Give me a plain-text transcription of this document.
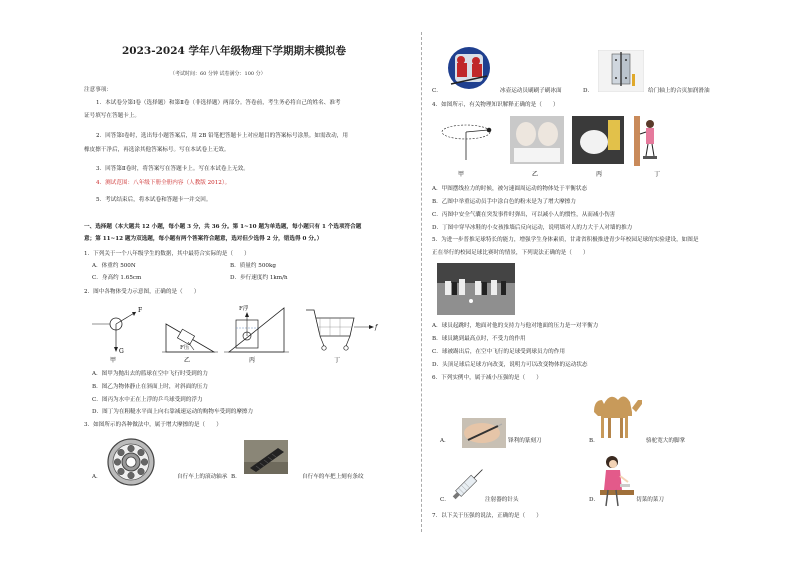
2023-2024 学年八年级物理下学期期末模拟卷
（考试时间：60 分钟 试卷满分：100 分）
注意事项：
1．本试卷分第Ⅰ卷（选择题）和第Ⅱ卷（非选择题）两部分。答卷前，考生务必将自己的姓名、准考
证号填写在答题卡上。
2．回答第Ⅰ卷时，选出每小题答案后，用 2B 铅笔把答题卡上对应题目的答案标号涂黑。如需改动，用
橡皮擦干净后，再选涂其他答案标号。写在本试卷上无效。
3．回答第Ⅱ卷时，将答案写在答题卡上。写在本试卷上无效。
4．测试范围：八年级下册全册内容（人教版 2012）。
5．考试结束后，将本试卷和答题卡一并交回。
一、选择题（本大题共 12 小题，每小题 3 分，共 36 分。第 1~10 题为单选题，每小题只有 1 个选项符合题
意；第 11~12 题为双选题，每小题有两个答案符合题意，选对但少选得 2 分，错选得 0 分。）
1．下列关于一个八年级学生的数据，其中最符合实际的是（　　）
A．体重约 500N	B．质量约 500kg
C．身高约 1.65cm	D．步行速度约 1km/h
2．图中各物体受力示意图，正确的是（　　）
F
G
甲
F压
乙
F浮
丙
f
丁
A．图甲为抛出去的篮球在空中飞行时受到的力
B．图乙为物体静止在斜面上时，对斜面的压力
C．图丙为水中正在上浮的乒乓球受到的浮力
D．图丁为在粗糙水平面上向右靠减速运动的购物车受到的摩擦力
3．如图所示的各种做法中，属于增大摩擦的是（　　）
A．	自行车上的滚动轴承 B．	自行车的车把上刻有条纹
C．	冰壶运动员刷刷子刷冰面	D．	给门轴上的合页加润滑油
4．如图所示，有关物理知识解释正确的是（　　）
甲	乙	丙	丁
A．甲图摆线拉力的时候，被匀速圆周运动的物体处于平衡状态
B．乙图中举重运动员手中涂白色的粉末是为了增大摩擦力
C．丙图中安全气囊在突发事件时弹出，可以减小人的惯性，从而减小伤害
D．丁图中穿旱冰鞋的小女孩推墙后反向运动，说明墙对人的力大于人对墙的推力
5．为进一步普推足球特长的能力，增强学生身体素质，甘肃省积极推进青少年校园足球的实验建设，如图是
正在举行的校园足球比赛时的情景，下列说法正确的是（　　）
A．球员起跳时，地面对他的支持力与他对地面的压力是一对平衡力
B．球员跳到最高点时，不受力的作用
C．球被踢出后，在空中飞行的足球受到球员力的作用
D．头顶足球后足球方向改变，说明力可以改变物体的运动状态
6．下列实例中，属于减小压强的是（　　）
A．	锋利的篆刻刀	B．	骆驼宽大的脚掌
C．	注射器的针头	D．	切菜的菜刀
7．以下关于压强的说法，正确的是（　　）
